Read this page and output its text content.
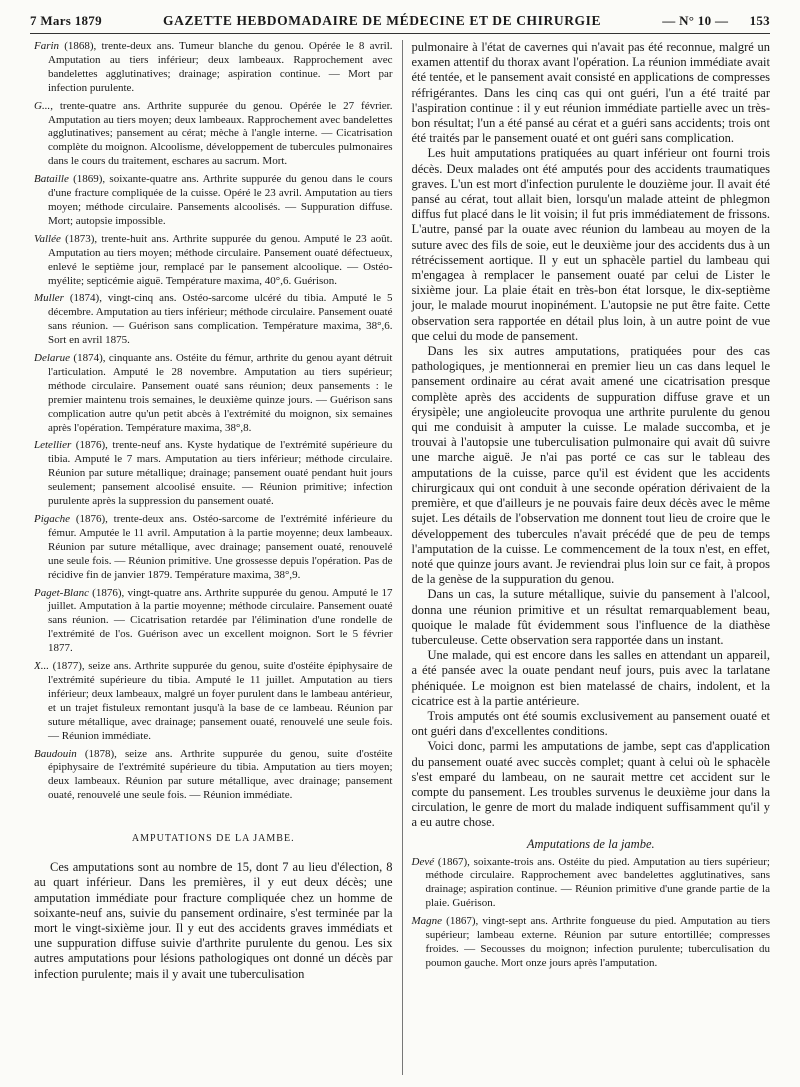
7 Mars 1879	GAZETTE HEBDOMADAIRE DE MÉDECINE ET DE CHIRURGIE	— N° 10 — 153

Farin (1868), trente-deux ans. Tumeur blanche du genou. Opérée le 8 avril. Amputation au tiers inférieur; deux lambeaux. Rapprochement avec bandelettes agglutinatives; drainage; aspiration continue. — Mort par infection purulente.

G..., trente-quatre ans. Arthrite suppurée du genou. Opérée le 27 février. Amputation au tiers moyen; deux lambeaux. Rapprochement avec bandelettes agglutinatives; pansement au cérat; mèche à l'angle interne. — Cicatrisation complète du moignon. Alcoolisme, développement de tubercules pulmonaires dans le cours du traitement, eschares au sacrum. Mort.

Bataille (1869), soixante-quatre ans. Arthrite suppurée du genou dans le cours d'une fracture compliquée de la cuisse. Opéré le 23 avril. Amputation au tiers moyen; méthode circulaire. Pansements alcoolisés. — Suppuration diffuse. Mort; autopsie impossible.

Vallée (1873), trente-huit ans. Arthrite suppurée du genou. Amputé le 23 août. Amputation au tiers moyen; méthode circulaire. Pansement ouaté défectueux, enlevé le septième jour, remplacé par le pansement alcoolique. — Ostéo-myélite; septicémie aiguë. Température maxima, 40°,6. Guérison.

Muller (1874), vingt-cinq ans. Ostéo-sarcome ulcéré du tibia. Amputé le 5 décembre. Amputation au tiers inférieur; méthode circulaire. Pansement ouaté sans réunion. — Guérison sans complication. Température maxima, 38°,6. Sort en avril 1875.

Delarue (1874), cinquante ans. Ostéite du fémur, arthrite du genou ayant détruit l'articulation. Amputé le 28 novembre. Amputation au tiers supérieur; méthode circulaire. Pansement ouaté sans réunion; deux pansements : le premier maintenu trois semaines, le deuxième quinze jours. — Guérison sans complication autre qu'un petit abcès à l'extrémité du moignon, six semaines après l'opération. Température maxima, 38°,8.

Letellier (1876), trente-neuf ans. Kyste hydatique de l'extrémité supérieure du tibia. Amputé le 7 mars. Amputation au tiers inférieur; méthode circulaire. Réunion par suture métallique; drainage; pansement ouaté pendant huit jours seulement; pansement alcoolisé ensuite. — Réunion primitive; infection purulente après la suppression du pansement ouaté.

Pigache (1876), trente-deux ans. Ostéo-sarcome de l'extrémité inférieure du fémur. Amputée le 11 avril. Amputation à la partie moyenne; deux lambeaux. Réunion par suture métallique, avec drainage; pansement ouaté, renouvelé une seule fois. — Réunion primitive. Une grossesse depuis l'opération. Pas de récidive fin de janvier 1879. Température maxima, 38°,9.

Paget-Blanc (1876), vingt-quatre ans. Arthrite suppurée du genou. Amputé le 17 juillet. Amputation à la partie moyenne; méthode circulaire. Pansement ouaté sans réunion. — Cicatrisation retardée par l'élimination d'une rondelle de l'extrémité de l'os. Guérison avec un excellent moignon. Sort le 5 février 1877.

X... (1877), seize ans. Arthrite suppurée du genou, suite d'ostéite épiphysaire de l'extrémité supérieure du tibia. Amputé le 11 juillet. Amputation au tiers inférieur; deux lambeaux, malgré un foyer purulent dans le lambeau antérieur, et un trajet fistuleux remontant jusqu'à la base de ce lambeau. Réunion par suture métallique, avec drainage; pansement ouaté, renouvelé une seule fois. — Réunion immédiate.

Baudouin (1878), seize ans. Arthrite suppurée du genou, suite d'ostéite épiphysaire de l'extrémité supérieure du tibia. Amputation au tiers moyen; deux lambeaux. Réunion par suture métallique, avec drainage; pansement ouaté, renouvelé une seule fois. — Réunion immédiate.

AMPUTATIONS DE LA JAMBE.

Ces amputations sont au nombre de 15, dont 7 au lieu d'élection, 8 au quart inférieur. Dans les premières, il y eut deux décès; une amputation immédiate pour fracture compliquée chez un homme de soixante-neuf ans, suivie du pansement ordinaire, s'est terminée par la mort le vingt-sixième jour. Il y eut des accidents graves immédiats et une suppuration diffuse suivie d'arthrite purulente du genou. Les six autres amputations pour lésions pathologiques ont donné un décès par infection purulente; mais il y avait une tuberculisation

pulmonaire à l'état de cavernes qui n'avait pas été reconnue, malgré un examen attentif du thorax avant l'opération. La réunion immédiate avait été tentée, et le pansement avait consisté en applications de compresses réfrigérantes. Dans les cinq cas qui ont guéri, l'un a été traité par l'aspiration continue : il y eut réunion immédiate partielle avec un très-bon résultat; l'un a été pansé au cérat et a guéri sans accidents; trois ont été traités par le pansement ouaté et ont guéri sans complication.

Les huit amputations pratiquées au quart inférieur ont fourni trois décès. Deux malades ont été amputés pour des accidents traumatiques graves. L'un est mort d'infection purulente le douzième jour. Il avait été pansé au cérat, tout allait bien, lorsqu'un malade atteint de phlegmon diffus fut placé dans le lit voisin; il fut pris immédiatement de frissons. L'autre, pansé par la ouate avec réunion du lambeau au moyen de la suture avec des fils de soie, eut le deuxième jour des accidents dus à un rétrécissement aortique. Il y eut un sphacèle partiel du lambeau qui m'engagea à remplacer le pansement ouaté par celui de Lister le sixième jour. La plaie était en très-bon état lorsque, le dix-septième jour, le malade mourut inopinément. L'autopsie ne put être faite. Cette observation sera rapportée en détail plus loin, à un autre point de vue que celui du mode de pansement.

Dans les six autres amputations, pratiquées pour des cas pathologiques, je mentionnerai en premier lieu un cas dans lequel le pansement ordinaire au cérat avait amené une cicatrisation presque complète après des accidents de suppuration diffuse grave et un érysipèle; une angioleucite provoqua une arthrite purulente du genou qui me conduisit à amputer la cuisse. Le malade succomba, et je trouvai à l'autopsie une tuberculisation pulmonaire qui avait dû suivre une marche aiguë. Je n'ai pas porté ce cas sur le tableau des amputations de la cuisse, parce qu'il est évident que les accidents chirurgicaux qui ont conduit à une seconde opération dérivaient de la première, et que d'ailleurs je ne pouvais faire deux décès avec le même sujet. Les détails de l'observation me donnent tout lieu de croire que le développement des tubercules n'avait précédé que de peu de temps l'amputation de la cuisse. Le commencement de la toux n'est, en effet, noté que quinze jours avant. Je reviendrai plus loin sur ce fait, à propos de la genèse de la suppuration du genou.

Dans un cas, la suture métallique, suivie du pansement à l'alcool, donna une réunion primitive et un résultat remarquablement beau, quoique le malade fût évidemment sous l'influence de la diathèse tuberculeuse. Cette observation sera rapportée dans un instant.

Une malade, qui est encore dans les salles en attendant un appareil, a été pansée avec la ouate pendant neuf jours, puis avec la tarlatane phéniquée. Le moignon est bien matelassé de chairs, indolent, et la cicatrice est à la partie antérieure.

Trois amputés ont été soumis exclusivement au pansement ouaté et ont guéri dans d'excellentes conditions.

Voici donc, parmi les amputations de jambe, sept cas d'application du pansement ouaté avec succès complet; quant à celui où le sphacèle s'est emparé du lambeau, on ne saurait mettre cet accident sur le compte du pansement. Les troubles survenus le deuxième jour dans la circulation, le genre de mort du malade indiquent suffisamment qu'il y a eu autre chose.

Amputations de la jambe.

Devé (1867), soixante-trois ans. Ostéite du pied. Amputation au tiers supérieur; méthode circulaire. Rapprochement avec bandelettes agglutinatives, sans drainage; aspiration continue. — Réunion primitive d'une grande partie de la plaie. Guérison.

Magne (1867), vingt-sept ans. Arthrite fongueuse du pied. Amputation au tiers supérieur; lambeau externe. Réunion par suture entortillée; compresses froides. — Secousses du moignon; infection purulente; tuberculisation du poumon gauche. Mort onze jours après l'amputation.
